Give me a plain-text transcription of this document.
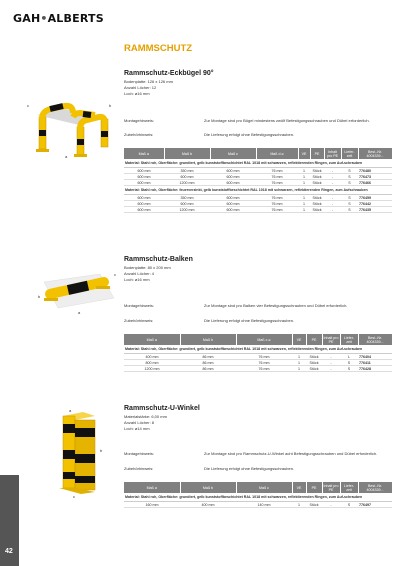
GAH•ALBERTS
RAMMSCHUTZ
c
a
b
b
a
c
a
b
c
Rammschutz-Eckbügel 90°
Bodenplatte: 126 x 126 mm
Anzahl Löcher: 12
Loch: ⌀16 mm
Montagehinweis:	Zur Montage sind pro Bügel mindestens zwölf Befestigungsschrauben und Dübel erforderlich.
Zubehörhinweis:	Die Lieferung erfolgt ohne Befestigungsschrauben.
Maß a	Maß b	Maß c	Maß d ⌀	VE	PE	Inhalt pro PE	Liefer-zeit	Best.-Nr. 4004339...
Material: Stahl roh, Oberfläche: grundiert, gelb kunststoffbeschichtet RAL 1018 mit schwarzen, reflektierenden Ringen, zum Auf-schrauben								
600 mm	350 mm	600 mm	76 mm	1	Stück	-	S	776480
600 mm	600 mm	600 mm	76 mm	1	Stück	-	S	776473
600 mm	1200 mm	600 mm	76 mm	1	Stück	-	S	776466
Material: Stahl roh, Oberfläche: feuerverzinkt, gelb kunststoffbeschichtet RAL 1018 mit schwarzen, reflektierenden Ringen, zum Aufschrauben								
600 mm	350 mm	600 mm	76 mm	1	Stück	-	S	776459
600 mm	600 mm	600 mm	76 mm	1	Stück	-	S	776442
600 mm	1200 mm	600 mm	76 mm	1	Stück	-	S	776435
Rammschutz-Balken
Bodenplatte: 80 x 200 mm
Anzahl Löcher: 4
Loch: ⌀16 mm
Montagehinweis:	Zur Montage sind pro Balken vier Befestigungsschrauben und Dübel erforderlich.
Zubehörhinweis:	Die Lieferung erfolgt ohne Befestigungsschrauben.
Maß a	Maß b	Maß c ⌀	VE	PE	Inhalt pro PE	Liefer-zeit	Best.-Nr. 4004339...
Material: Stahl roh, Oberfläche: grundiert, gelb kunststoffbeschichtet RAL 1018 mit schwarzen, reflektierenden Ringen, zum Auf-schrauben							
400 mm	86 mm	76 mm	1	Stück	-	L	776404
800 mm	86 mm	76 mm	1	Stück	-	S	776411
1200 mm	86 mm	76 mm	1	Stück	-	S	776428
Rammschutz-U-Winkel
Materialstärke: 6,00 mm
Anzahl Löcher: 8
Loch: ⌀14 mm
Montagehinweis:	Zur Montage sind pro Rammschutz-U-Winkel acht Befestigungsschrauben und Dübel erforderlich.
Zubehörhinweis:	Die Lieferung erfolgt ohne Befestigungsschrauben.
Maß a	Maß b	Maß c	VE	PE	Inhalt pro PE	Liefer-zeit	Best.-Nr. 4004339...
Material: Stahl roh, Oberfläche: grundiert, gelb kunststoffbeschichtet RAL 1018 mit schwarzen, reflektierenden Ringen, zum Auf-schrauben							
160 mm	400 mm	140 mm	1	Stück	-	S	776497
42
